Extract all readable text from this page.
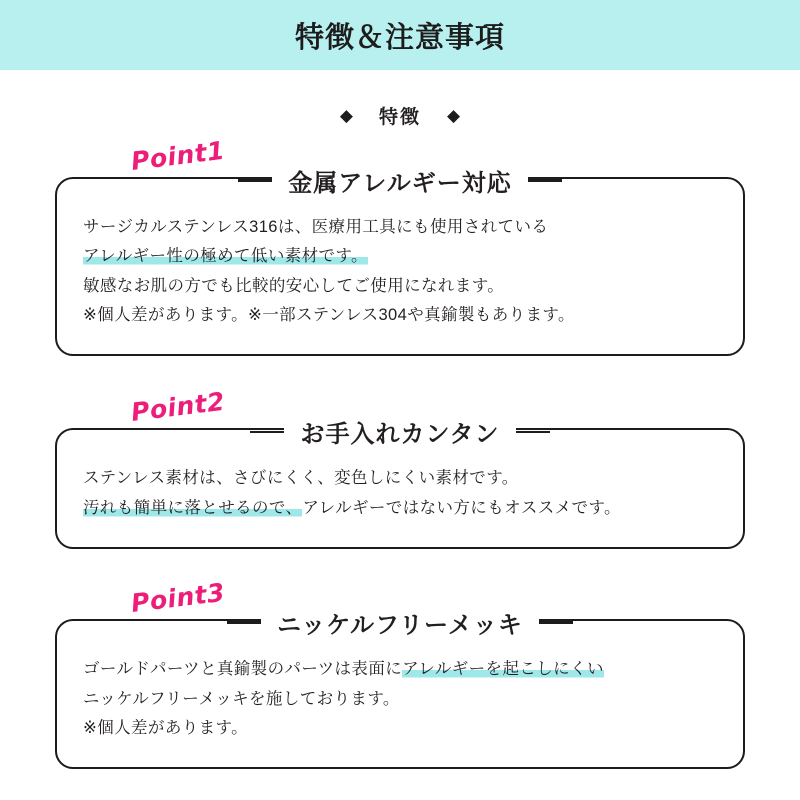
特徴＆注意事項
◆ 特徴 ◆
Point1
金属アレルギー対応
サージカルステンレス316は、医療用工具にも使用されている
アレルギー性の極めて低い素材です。
敏感なお肌の方でも比較的安心してご使用になれます。
※個人差があります。※一部ステンレス304や真鍮製もあります。
Point2
お手入れカンタン
ステンレス素材は、さびにくく、変色しにくい素材です。
汚れも簡単に落とせるので、アレルギーではない方にもオススメです。
Point3
ニッケルフリーメッキ
ゴールドパーツと真鍮製のパーツは表面にアレルギーを起こしにくい
ニッケルフリーメッキを施しております。
※個人差があります。
